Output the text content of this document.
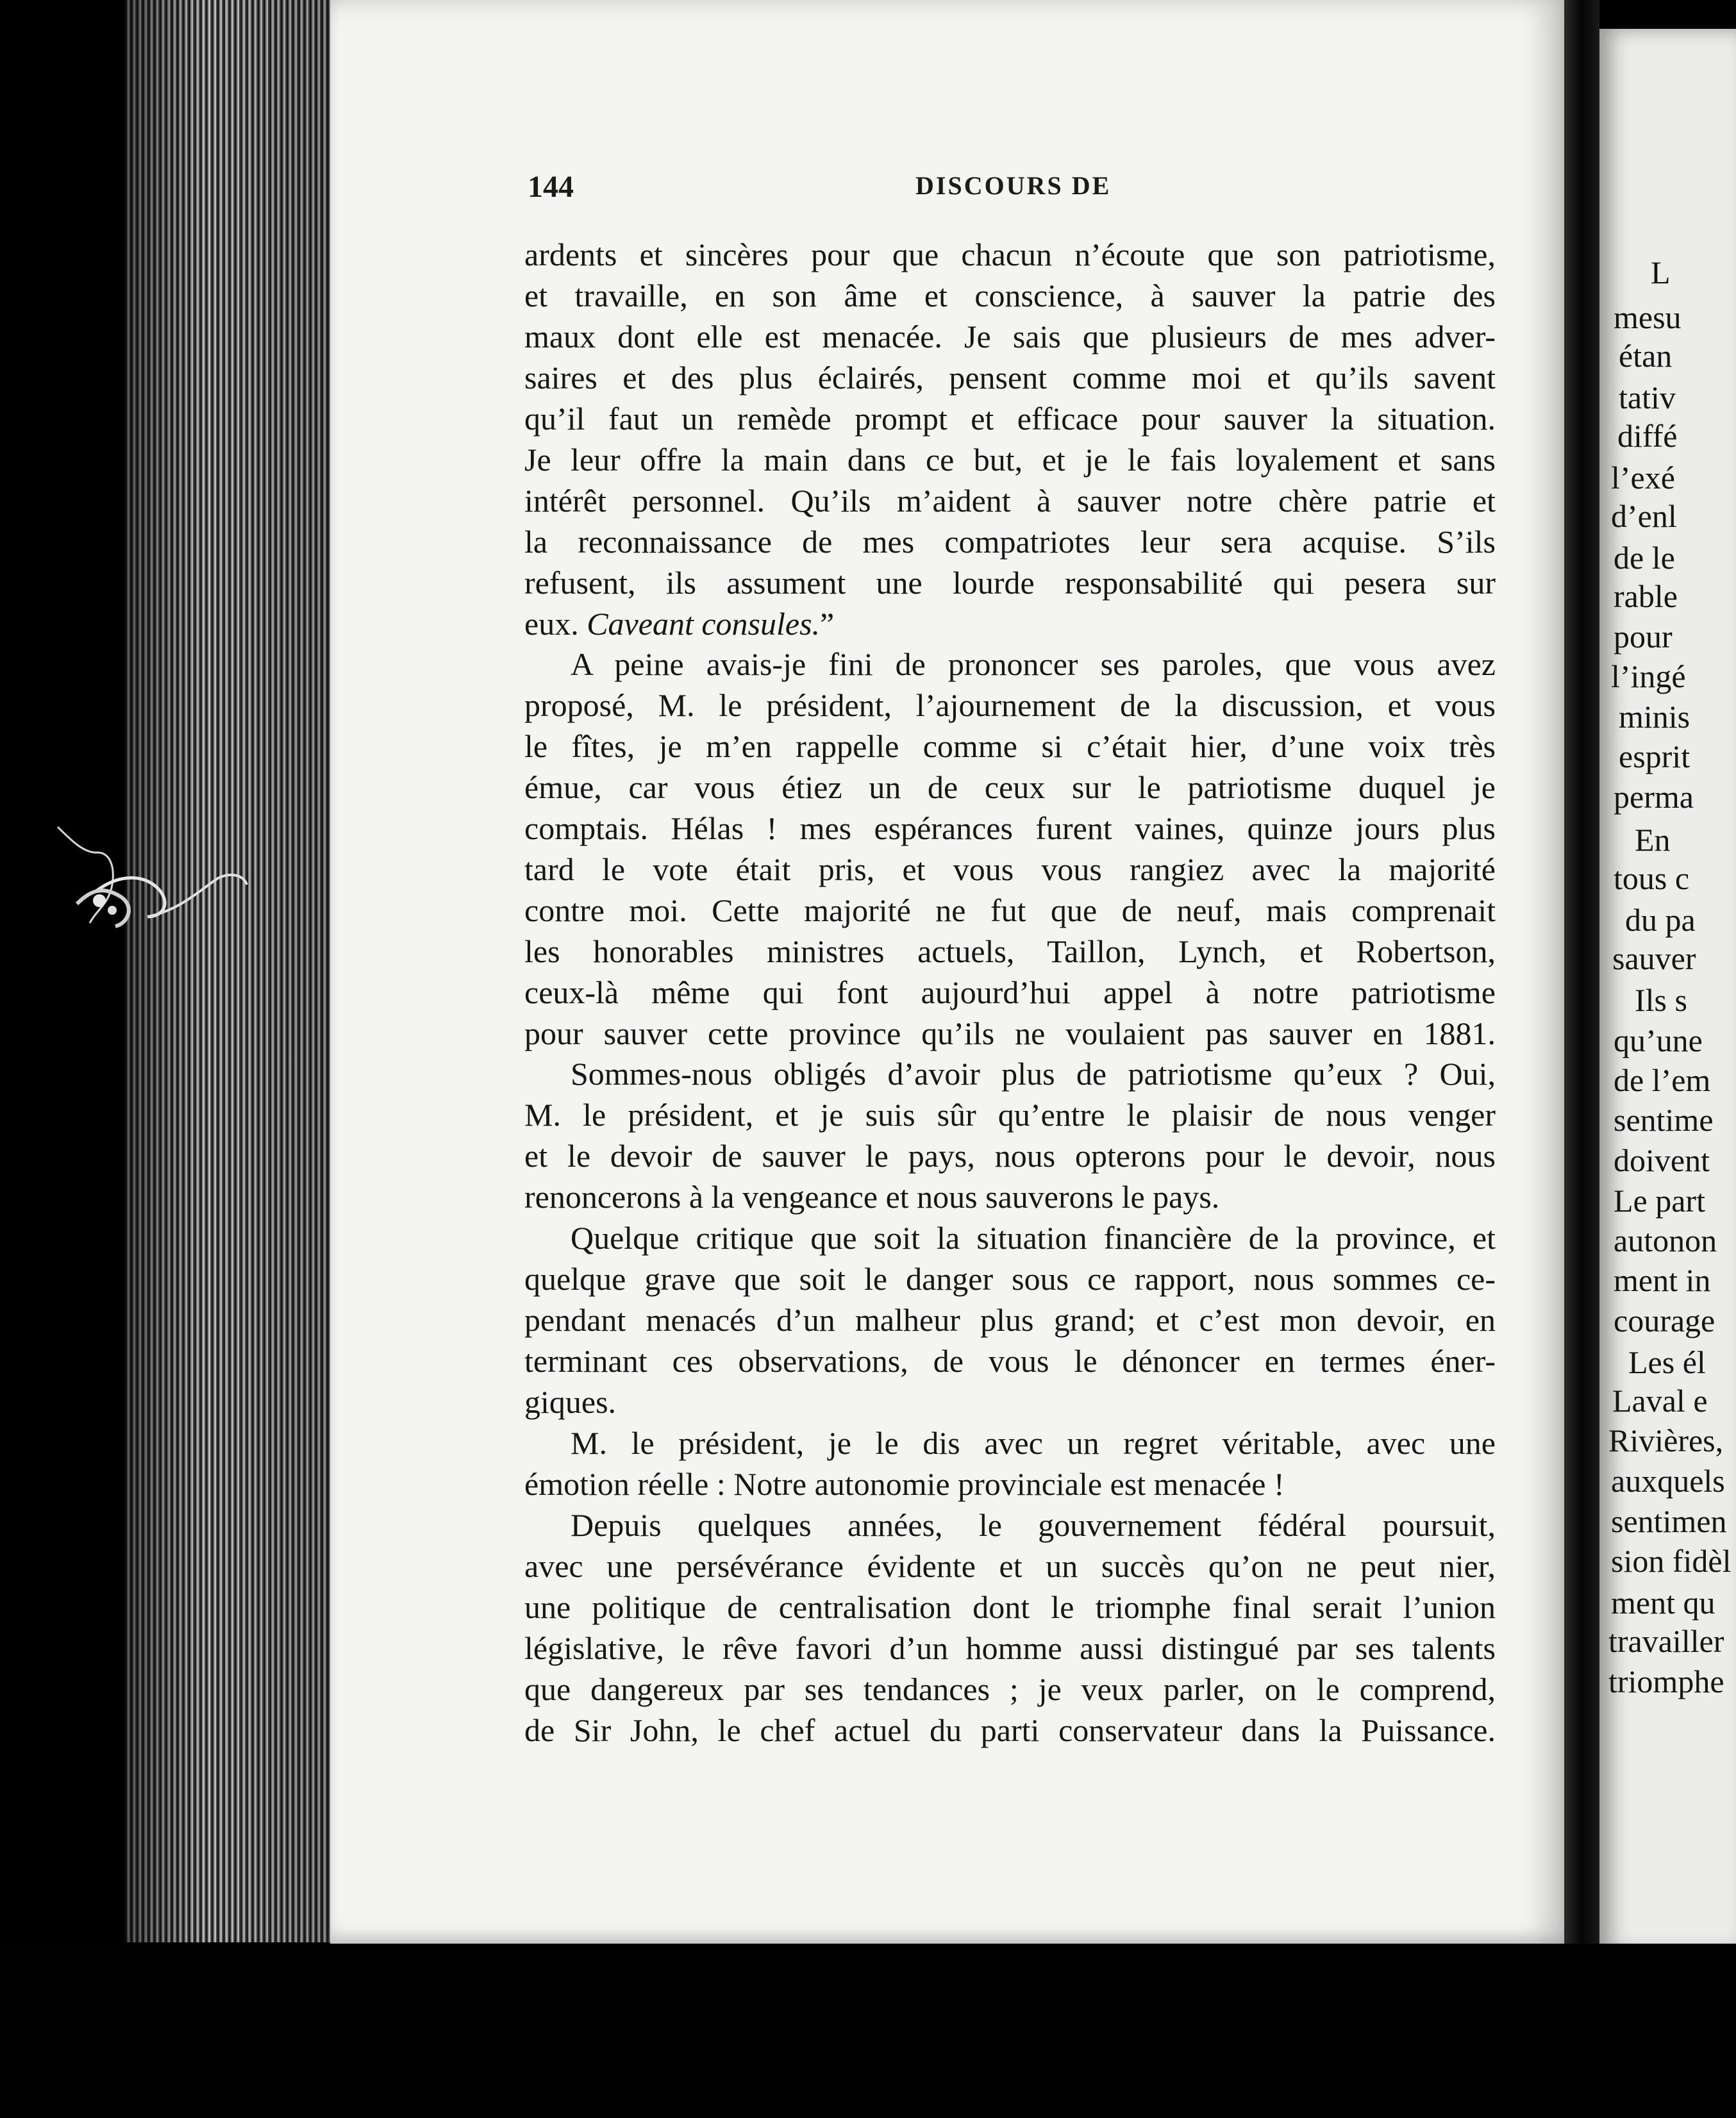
L
mesu
étan
tativ
diffé
l’exé
d’enl
de le
rable
pour
l’ingé
minis
esprit
perma
En
tous c
du pa
sauver
Ils s
qu’une
de l’em
sentime
doivent
Le part
autonon
ment in
courage
Les él
Laval e
Rivières,
auxquels
sentimen
sion fidèl
ment qu
travailler
triomphe
144	DISCOURS DE
ardents et sincères pour que chacun n’écoute que son patriotisme,
et travaille, en son âme et conscience, à sauver la patrie des
maux dont elle est menacée. Je sais que plusieurs de mes adver-
saires et des plus éclairés, pensent comme moi et qu’ils savent
qu’il faut un remède prompt et efficace pour sauver la situation.
Je leur offre la main dans ce but, et je le fais loyalement et sans
intérêt personnel. Qu’ils m’aident à sauver notre chère patrie et
la reconnaissance de mes compatriotes leur sera acquise. S’ils
refusent, ils assument une lourde responsabilité qui pesera sur
eux. Caveant consules.”
A peine avais-je fini de prononcer ses paroles, que vous avez
proposé, M. le président, l’ajournement de la discussion, et vous
le fîtes, je m’en rappelle comme si c’était hier, d’une voix très
émue, car vous étiez un de ceux sur le patriotisme duquel je
comptais. Hélas ! mes espérances furent vaines, quinze jours plus
tard le vote était pris, et vous vous rangiez avec la majorité
contre moi. Cette majorité ne fut que de neuf, mais comprenait
les honorables ministres actuels, Taillon, Lynch, et Robertson,
ceux-là même qui font aujourd’hui appel à notre patriotisme
pour sauver cette province qu’ils ne voulaient pas sauver en 1881.
Sommes-nous obligés d’avoir plus de patriotisme qu’eux ? Oui,
M. le président, et je suis sûr qu’entre le plaisir de nous venger
et le devoir de sauver le pays, nous opterons pour le devoir, nous
renoncerons à la vengeance et nous sauverons le pays.
Quelque critique que soit la situation financière de la province, et
quelque grave que soit le danger sous ce rapport, nous sommes ce-
pendant menacés d’un malheur plus grand; et c’est mon devoir, en
terminant ces observations, de vous le dénoncer en termes éner-
giques.
M. le président, je le dis avec un regret véritable, avec une
émotion réelle : Notre autonomie provinciale est menacée !
Depuis quelques années, le gouvernement fédéral poursuit,
avec une persévérance évidente et un succès qu’on ne peut nier,
une politique de centralisation dont le triomphe final serait l’union
législative, le rêve favori d’un homme aussi distingué par ses talents
que dangereux par ses tendances ; je veux parler, on le comprend,
de Sir John, le chef actuel du parti conservateur dans la Puissance.
